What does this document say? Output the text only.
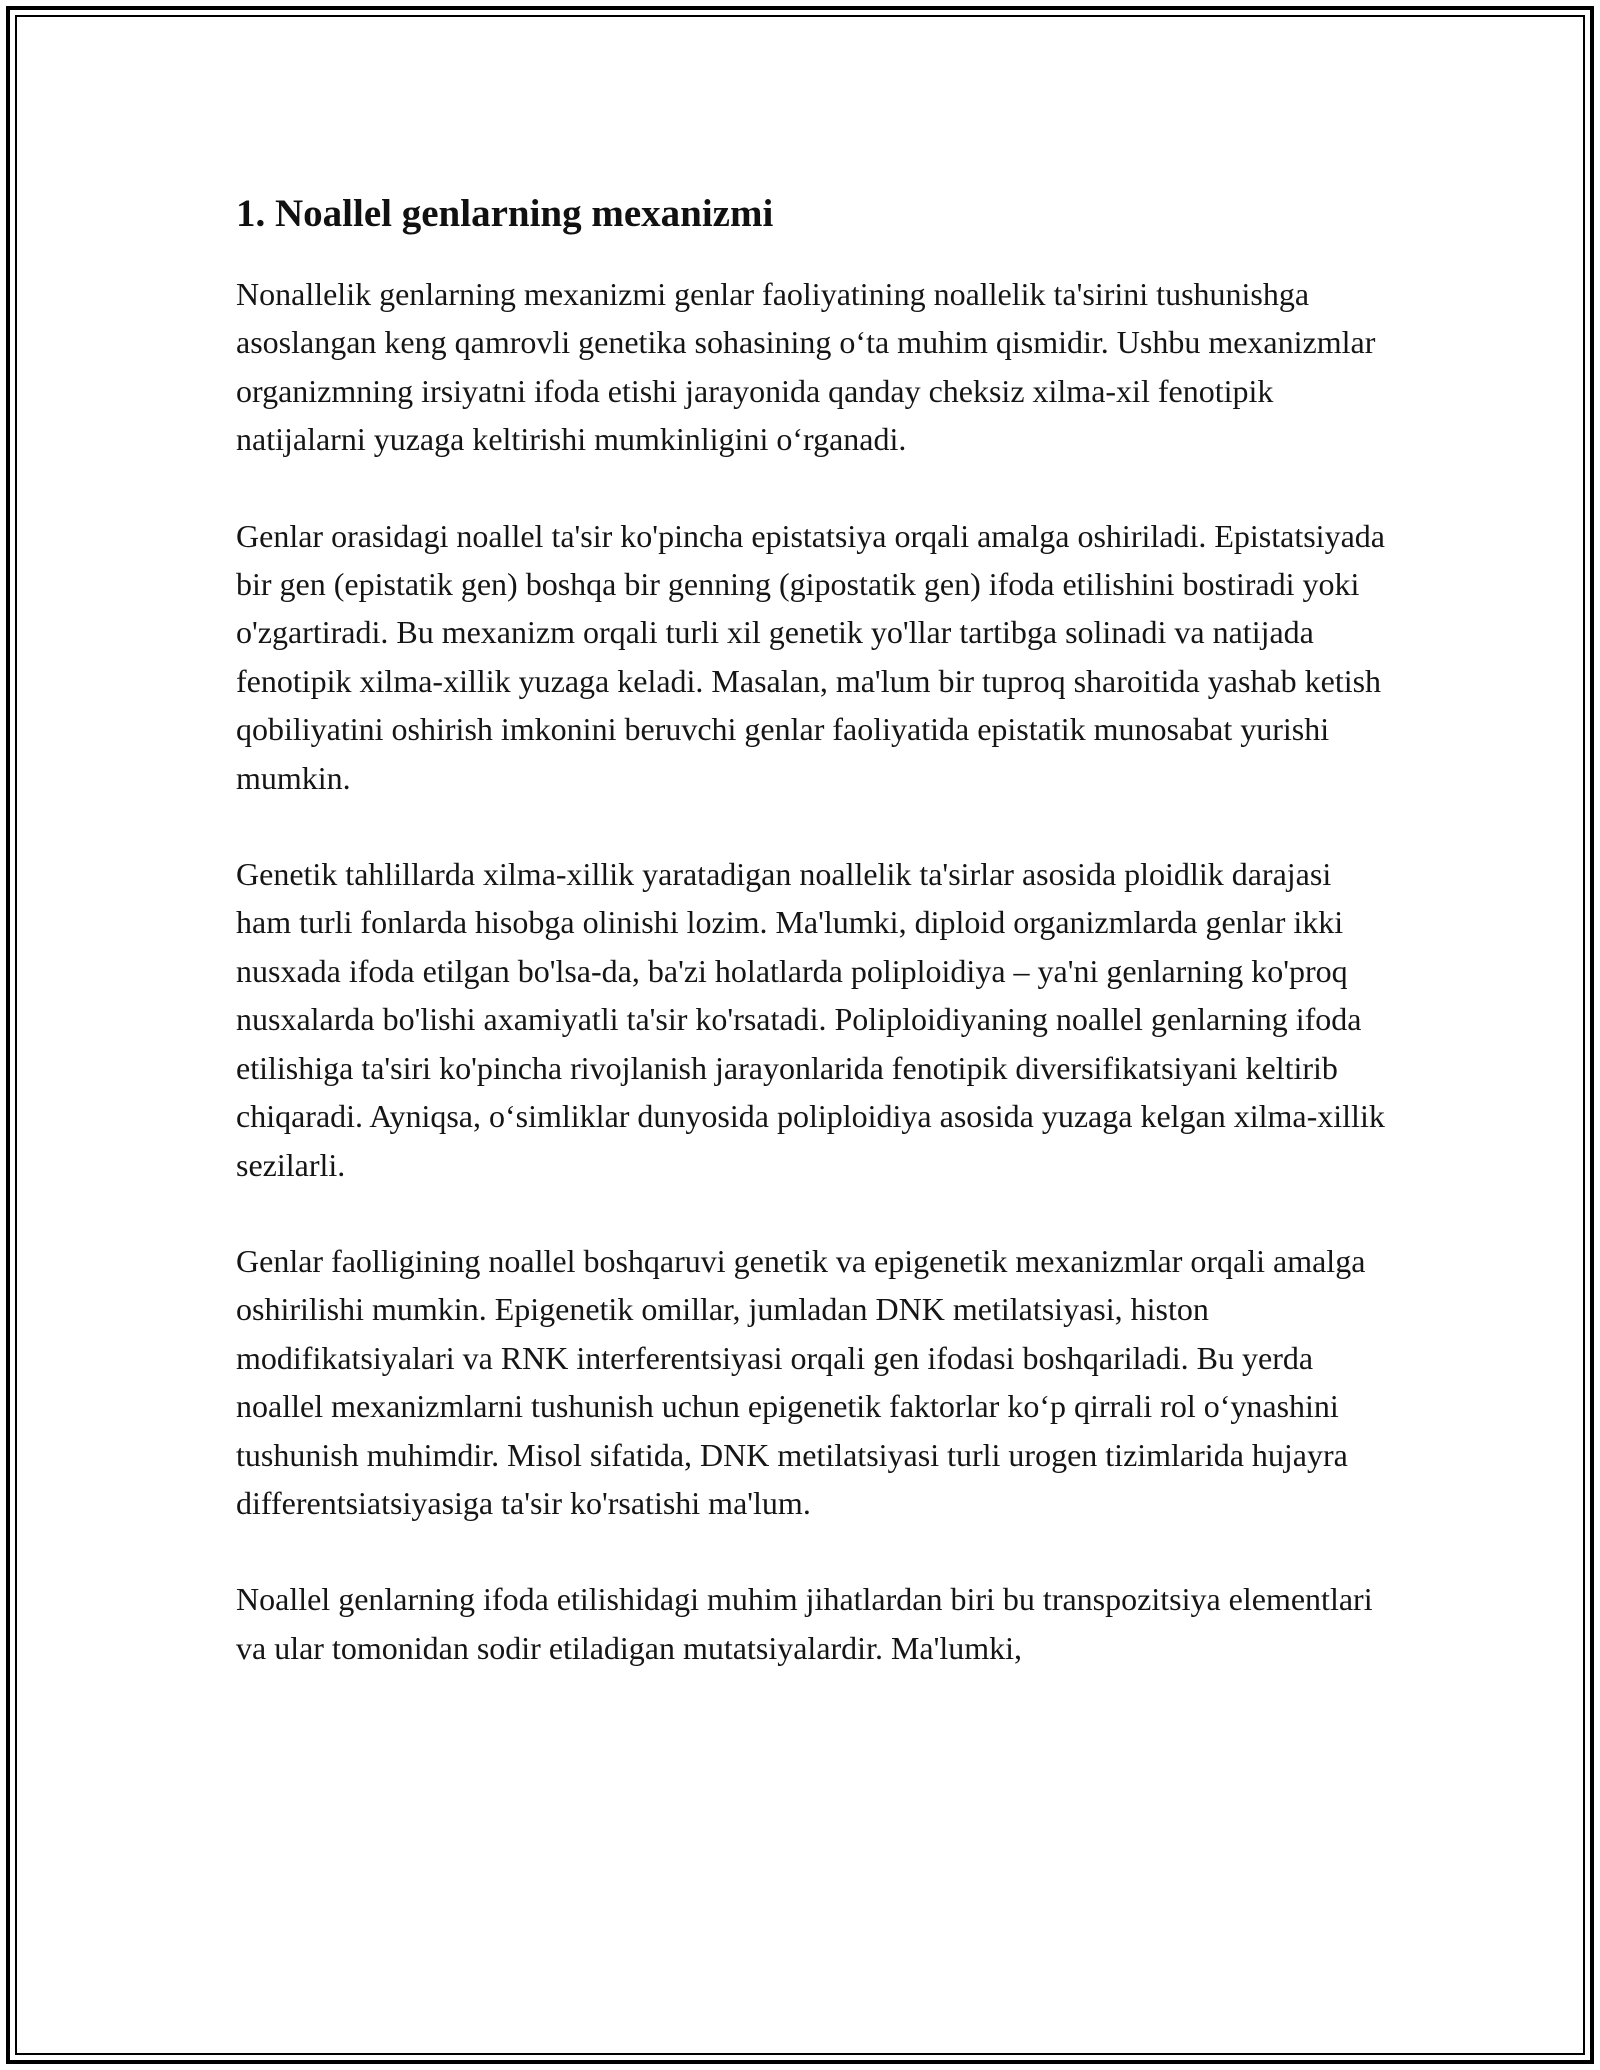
1. Noallel genlarning mexanizmi

Nonallelik genlarning mexanizmi genlar faoliyatining noallelik ta'sirini tushunishga asoslangan keng qamrovli genetika sohasining oʻta muhim qismidir. Ushbu mexanizmlar organizmning irsiyatni ifoda etishi jarayonida qanday cheksiz xilma-xil fenotipik natijalarni yuzaga keltirishi mumkinligini oʻrganadi.

Genlar orasidagi noallel ta'sir ko'pincha epistatsiya orqali amalga oshiriladi. Epistatsiyada bir gen (epistatik gen) boshqa bir genning (gipostatik gen) ifoda etilishini bostiradi yoki o'zgartiradi. Bu mexanizm orqali turli xil genetik yo'llar tartibga solinadi va natijada fenotipik xilma-xillik yuzaga keladi. Masalan, ma'lum bir tuproq sharoitida yashab ketish qobiliyatini oshirish imkonini beruvchi genlar faoliyatida epistatik munosabat yurishi mumkin.

Genetik tahlillarda xilma-xillik yaratadigan noallelik ta'sirlar asosida ploidlik darajasi ham turli fonlarda hisobga olinishi lozim. Ma'lumki, diploid organizmlarda genlar ikki nusxada ifoda etilgan bo'lsa-da, ba'zi holatlarda poliploidiya – ya'ni genlarning ko'proq nusxalarda bo'lishi axamiyatli ta'sir ko'rsatadi. Poliploidiyaning noallel genlarning ifoda etilishiga ta'siri ko'pincha rivojlanish jarayonlarida fenotipik diversifikatsiyani keltirib chiqaradi. Ayniqsa, oʻsimliklar dunyosida poliploidiya asosida yuzaga kelgan xilma-xillik sezilarli.

Genlar faolligining noallel boshqaruvi genetik va epigenetik mexanizmlar orqali amalga oshirilishi mumkin. Epigenetik omillar, jumladan DNK metilatsiyasi, histon modifikatsiyalari va RNK interferentsiyasi orqali gen ifodasi boshqariladi. Bu yerda noallel mexanizmlarni tushunish uchun epigenetik faktorlar koʻp qirrali rol oʻynashini tushunish muhimdir. Misol sifatida, DNK metilatsiyasi turli urogen tizimlarida hujayra differentsiatsiyasiga ta'sir ko'rsatishi ma'lum.

Noallel genlarning ifoda etilishidagi muhim jihatlardan biri bu transpozitsiya elementlari va ular tomonidan sodir etiladigan mutatsiyalardir. Ma'lumki,
